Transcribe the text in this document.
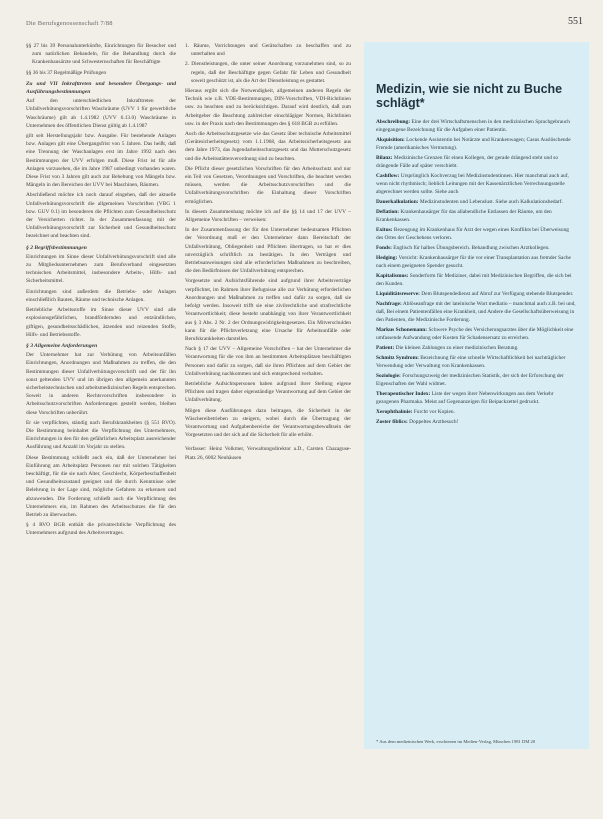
Die Berufsgenossenschaft 7/88	551

§§ 27 bis 39 Personalunterkünfte, Einrichtungen für Besucher und zum natürlichen Behandeln, für die Behandlung durch die Krankenhausärzte und Schwesternschaften für Beschäftigte

§§ 36 bis 37 Regelmäßige Prüfungen

Zu und VII Inkrafttreten und besondere Übergangs- und Ausführungsbestimmungen

Auf den unterschiedlichen Inkrafttreten der Unfallverhütungsvorschriften Waschräume (UVV 1 für gewerbliche Waschräume) gilt ab 1.4.1982 (UVV 6.13.0) Waschräume in Unternehmen des öffentlichen Dienst gültig ab 1.4.1987

gilt seit Herstellungsjahr bzw. Ausgabe. Für bestehende Anlagen bzw. Anlagen gilt eine Übergangsfrist von 5 Jahren. Das heißt, daß eine Trennung der Waschanlagen erst im Jahre 1992 nach den Bestimmungen der UVV erfolgen muß. Diese Frist ist für alle Anlagen vorzusehen, die im Jahre 1987 unbedingt vorhanden waren. Diese Frist von 3 Jahren gilt auch zur Behebung von Mängeln bzw. Mängeln in den Bereichen der UVV bei Maschinen, Räumen.

Abschließend möchte ich noch darauf eingehen, daß der aktuelle Unfallverhütungsvorschrift die allgemeinen Vorschriften (VBG 1 bzw. GUV 0.1) im besonderen die Pflichten zum Gesundheitsschutz der Versicherten richtet. In der Zusammenfassung mit der Unfallverhütungsvorschrift zur Sicherheit und Gesundheitsschutz bezeichnet und beachten sind.

§ 2 Begriffsbestimmungen

Einrichtungen im Sinne dieser Unfallverhütungsvorschrift sind alle zu Mitgliedsunternehmen zum Berufsverband eingesetzten technischen Arbeitsmittel, insbesondere Arbeits-, Hilfs- und Sicherheitsmittel.

Einrichtungen sind außerdem die Betriebs- oder Anlagen einschließlich Bauten, Räume und technische Anlagen.

Betriebliche Arbeitsstoffe im Sinne dieser UVV sind alle explosionsgefährlichen, brandfördernden und entzündlichen, giftigen, gesundheitsschädlichen, ätzenden und reizenden Stoffe, Hilfs- und Betriebsstoffe.

§ 3 Allgemeine Anforderungen

Der Unternehmer hat zur Verhütung von Arbeitsunfällen Einrichtungen, Anordnungen und Maßnahmen zu treffen, die den Bestimmungen dieser Unfallverhütungsvorschrift und der für ihn sonst geltenden UVV und im übrigen den allgemein anerkannten sicherheitstechnischen und arbeitsmedizinischen Regeln entsprechen. Soweit in anderen Rechtsvorschriften insbesondere in Arbeitsschutzvorschriften Anforderungen gestellt werden, bleiben diese Vorschriften unberührt.

Er sie verpflichten, ständig nach Berufskrankheiten (§ 551 RVO). Die Bestimmung beinhaltet die Verpflichtung des Unternehmers, Einrichtungen in den für den gefährlichen Arbeitsplatz ausreichender Ausführung und Anzahl im Vorjahr zu stellen.

Diese Bestimmung schließt auch ein, daß der Unternehmer bei Einführung am Arbeitsplatz Personen nur mit solchen Tätigkeiten beschäftigt, für die sie nach Alter, Geschlecht, Körperbeschaffenheit und Gesundheitszustand geeignet und die durch Kenntnisse oder Belehrung in der Lage sind, mögliche Gefahren zu erkennen und abzuwenden. Die Forderung schließt auch die Verpflichtung des Unternehmers ein, im Rahmen des Arbeitsschutzes die für den Betrieb zu überwachen.

§ 4 RVO BGB enthält die privatrechtliche Verpflichtung des Unternehmers aufgrund des Arbeitsvertrages.

1. Räume, Vorrichtungen und Gerätschaften zu beschaffen und zu unterhalten und

2. Dienstleistungen, die unter seiner Anordnung vorzunehmen sind, so zu regeln, daß der Beschäftigte gegen Gefahr für Leben und Gesundheit soweit geschützt ist, als die Art der Dienstleistung es gestattet.

Hieraus ergibt sich die Notwendigkeit, allgemeinen anderen Regeln der Technik wie z.B. VDE-Bestimmungen, DIN-Vorschriften, VDI-Richtlinien usw. zu beachten und zu berücksichtigen. Darauf wird deutlich, daß zum Arbeitgeber die Beachtung zahlreicher einschlägiger Normen, Richtlinien usw. in der Praxis nach den Bestimmungen des § 618 BGB zu erfüllen.

Auch die Arbeitsschutzgesetze wie das Gesetz über technische Arbeitsmittel (Gerätesicherheitsgesetz) vom 1.1.1968, das Arbeitssicherheitsgesetz aus dem Jahre 1973, das Jugendarbeitsschutzgesetz und das Mutterschutzgesetz und die Arbeitsstättenverordnung sind zu beachten.

Die Pflicht dieser gesetzlichen Vorschriften für den Arbeitsschutz und nur ein Teil von Gesetzen, Verordnungen und Vorschriften, die beachtet werden müssen, werden die Arbeitsschutzvorschriften und die Unfallverhütungsvorschriften die Einhaltung dieser Vorschriften ermöglichen.

In diesem Zusammenhang möchte ich auf die §§ 14 und 17 der UVV – Allgemeine Vorschriften – verweisen:

In der Zusammenfassung der für den Unternehmer bedeutsamen Pflichten der Verordnung muß er den Unternehmer dann Bereitschaft der Unfallverhütung, Obliegenheit und Pflichten übertragen, so hat er dies unverzüglich schriftlich zu bestätigen. In den Verträgen und Betriebsanweisungen sind alle erforderlichen Maßnahmen zu beschreiben, die den Bedürfnissen der Unfallverhütung entsprechen.

Vorgesetzte und Aufsichtsführende sind aufgrund ihrer Arbeitsverträge verpflichtet, im Rahmen ihrer Befugnisse alle zur Verhütung erforderlichen Anordnungen und Maßnahmen zu treffen und dafür zu sorgen, daß sie befolgt werden. Insoweit trifft sie eine zivilrechtliche und strafrechtliche Verantwortlichkeit; diese besteht unabhängig von ihrer Verantwortlichkeit aus § 3 Abs. 2 Nr. 2 der Ordnungswidrigkeitsgesetzes. Ein Mitverschulden kann für die Pflichtverletzung eine Ursache für Arbeitsunfälle oder Berufskrankheiten darstellen.

Nach § 17 der UVV – Allgemeine Vorschriften – hat der Unternehmer die Verantwortung für die von ihm an bestimmten Arbeitsplätzen beschäftigten Personen und dafür zu sorgen, daß sie ihren Pflichten auf dem Gebiet der Unfallverhütung nachkommen und sich entsprechend verhalten.

Betriebliche Aufsichtspersonen haben aufgrund ihrer Stellung eigene Pflichten und tragen daher eigenständige Verantwortung auf dem Gebiet der Unfallverhütung.

Mögen diese Ausführungen dazu beitragen, die Sicherheit in der Wäschereibetrieben zu steigern, wobei durch die Übertragung der Verantwortung und Aufgabenbereiche der Verantwortungsbewußtsein der Vorgesetzten und der sich auf die Sicherheit für alle erhöht.

Verfasser: Heinz Volkmer, Verwaltungsdirektor a.D., Carsten Chazaguse-Platz 26, 6002 Neuhäusen

Medizin, wie sie nicht zu Buche schlägt*

Abschreibung: Eine der drei Wirtschaftsmenschen in den medizinischen Sprachgebrauch eingegangene Bezeichnung für die Aufgaben einer Patientin.

Akquisition: Lockende Assistentin bei Notärzte und Krankenwagen; Casus Auslöschende Fremde (amerikanisches Vermutung).

Bilanz: Medizinische Grenzen für einen Kollegen, der gerade drängend steht und so drängende Fälle auf später verschiebt.

Cashflow: Ursprünglich Kochverzug bei Medizinstudentinnen. Hier manchmal auch auf, wenn nicht rhythmisch; lieblich Leitungen mit der Kassenärztlichen Verrechnungsstelle abgerechnet werden sollte. Siehe auch

Dauerkalkulation: Medizinstudenten und Lebenslust. Siehe auch Kalkulationsbedarf.

Deflation: Krankenhausärger für das allabendliche Entlassen der Räume, um den Krankenkassen.

Exitus: Bezeugung im Krankenhaus für Arzt der wegen eines Konflikts bei Überweisung des Ortes der Geschehens verloren.

Fonds: Englisch für halbes Übungsbereich. Behandlung zwischen Arztkollegen.

Hedging: Vorsicht: Krankenhausärger für die vor einer Transplantation aus fremder Sache nach einem geeigneten Spender gesucht.

Kapitalismus: Sonderform für Mediziner, dabei mit Medizinischen Begriffen, die sich bei den Kunden.

Liquiditätsreserve: Dem Blutspendedienst auf Abruf zur Verfügung stehende Blutspender.

Nachfrage: Ablöseanfrage mit der lateinische Wort mediatio – manchmal auch z.B. bei und, daß, Bei einem Patientenfällen eine Krankheit, und Andere die Gesellschaftsüberweisung in den Patienten, die Medizinische Forderung.

Markus Schonemann: Schwere Psyche des Versicherungsarztes über die Möglichkeit eine umfassende Aufwandung oder Kosten für Schadensersatz zu erreichen.

Patient: Die kleinen Zahlungen zu einer medizinischen Beratung.

Schmitz Syndrom: Bezeichnung für eine schnelle Wirtschaftlichkeit bei nachträglicher Verwendung oder Verwaltung von Krankenkassen.

Soziologie: Forschungszweig der medizinischen Statistik, der sich der Erforschung der Eigenschaften der Wahl widmet.

Therapeutischer Index: Liste der wegen ihrer Nebenwirkungen aus dem Verkehr gezogenen Pharmaka. Meist auf Gegenanzeigen für Beipackzettel gedruckt.

Xerophthalmie: Furcht vor Kopien.

Zoster fiblics: Doppeltes Arztbesuch!

* Aus dem medizinischen Werk, erschienen im Medien-Verlag, München 1981 DM 20
